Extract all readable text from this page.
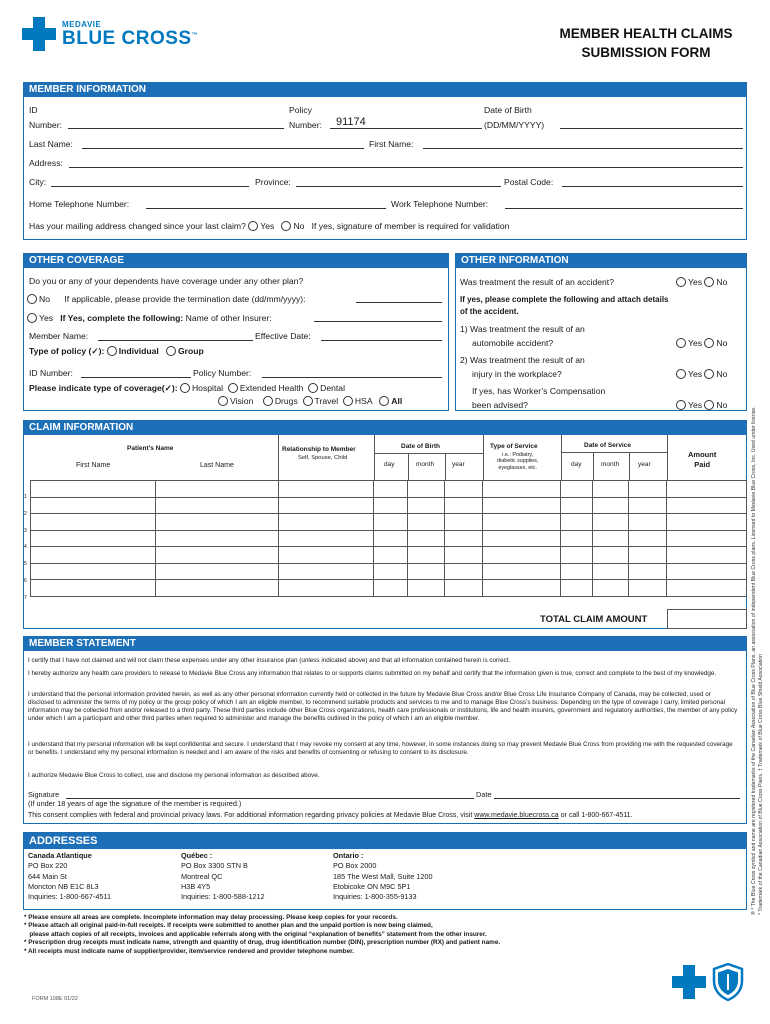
MEDAVIE
BLUE CROSS™	MEMBER HEALTH CLAIMS
SUBMISSION FORM
MEMBER INFORMATION
ID
Number:
Policy
Number: 91174
Date of Birth
(DD/MM/YYYY)
Last Name:	First Name:
Address:
City:	Province:	Postal Code:
Home Telephone Number:	Work Telephone Number:
Has your mailing address changed since your last claim? Yes No If yes, signature of member is required for validation
OTHER COVERAGE
Do you or any of your dependents have coverage under any other plan?
No If applicable, please provide the termination date (dd/mm/yyyy):
Yes If Yes, complete the following: Name of other Insurer:
Member Name:	Effective Date:
Type of policy (✓): Individual Group
ID Number:	Policy Number:
Please indicate type of coverage(✓): Hospital Extended Health Dental
Vision	Drugs Travel HSA All
OTHER INFORMATION
Was treatment the result of an accident?	Yes No
If yes, please complete the following and attach details
of the accident.
1) Was treatment the result of an
automobile accident?	Yes No
2) Was treatment the result of an
injury in the workplace?	Yes No
If yes, has Worker’s Compensation
been advised?	Yes No
CLAIM INFORMATION
Patient’s Name
First Name	Last Name
Relationship to Member
Self, Spouse, Child
Date of Birth
day	month	year
Type of Service
i.e.: Podiatry,
diabetic supplies,
eyeglasses, etc.
Date of Service
day	month	year
Amount
Paid

1
2
3
4
5
6
7
TOTAL CLAIM AMOUNT
MEMBER STATEMENT
I certify that I have not claimed and will not claim these expenses under any other insurance plan (unless indicated above) and that all information contained herein is correct.
I hereby authorize any health care providers to release to Medavie Blue Cross any information that relates to or supports claims submitted on my behalf and certify that the information given is true, correct and complete to the best of my knowledge.
I understand that the personal information provided herein, as well as any other personal information currently held or collected in the future by Medavie Blue Cross and/or Blue Cross Life Insurance Company of Canada, may be collected, used or disclosed to administer the terms of my policy or the group policy of which I am an eligible member, to recommend suitable products and services to me and to manage Blue Cross’s business. Depending on the type of coverage I carry, limited personal information may be collected from and/or released to a third party. These third parties include other Blue Cross organizations, health care professionals or institutions, life and health insurers, government and regulatory authorities, the member of any policy under which I am a participant and other third parties when required to administer and manage the benefits outlined in the policy of which I am an eligible member.
I understand that my personal information will be kept confidential and secure. I understand that I may revoke my consent at any time, however, in some instances doing so may prevent Medavie Blue Cross from providing me with the requested coverage or benefits. I understand why my personal information is needed and I am aware of the risks and benefits of consenting or refusing to consent to its disclosure.
I authorize Medavie Blue Cross to collect, use and disclose my personal information as described above.
Signature	Date
(If under 18 years of age the signature of the member is required.)
This consent complies with federal and provincial privacy laws. For additional information regarding privacy policies at Medavie Blue Cross, visit www.medavie.bluecross.ca or call 1-800-667-4511.
ADDRESSES
Canada Atlantique
PO Box 220
644 Main St
Moncton NB E1C 8L3
Inquiries: 1-800-667-4511
Québec :
PO Box 3300 STN B
Montreal QC
H3B 4Y5
Inquiries: 1-800-588-1212
Ontario :
PO Box 2000
185 The West Mall, Suite 1200
Etobicoke ON M9C 5P1
Inquiries: 1-800-355-9133
* Please ensure all areas are complete. Incomplete information may delay processing. Please keep copies for your records.
* Please attach all original paid-in-full receipts. If receipts were submitted to another plan and the unpaid portion is now being claimed,
please attach copies of all receipts, invoices and applicable referrals along with the original “explanation of benefits” statement from the other insurer.
* Prescription drug receipts must indicate name, strength and quantity of drug, drug identification number (DIN), prescription number (RX) and patient name.
* All receipts must indicate name of supplier/provider, item/service rendered and provider telephone number.
FORM 108E 01/22
® * The Blue Cross symbol and name are registered trademarks of the Canadian Association of Blue Cross Plans, an association of independent Blue Cross plans. Licensed to Medavie Blue Cross, Inc. Used under license. * Trademark of the Canadian Association of Blue Cross Plans. † Trademark of Blue Cross Blue Shield Association
